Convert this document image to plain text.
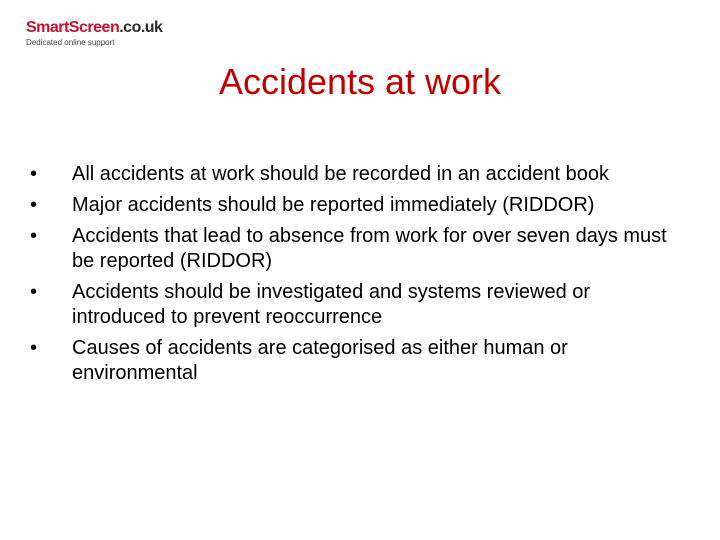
SmartScreen.co.uk
Dedicated online support
Accidents at work
• All accidents at work should be recorded in an accident book
• Major accidents should be reported immediately (RIDDOR)
• Accidents that lead to absence from work for over seven days must be reported (RIDDOR)
• Accidents should be investigated and systems reviewed or introduced to prevent reoccurrence
• Causes of accidents are categorised as either human or environmental
